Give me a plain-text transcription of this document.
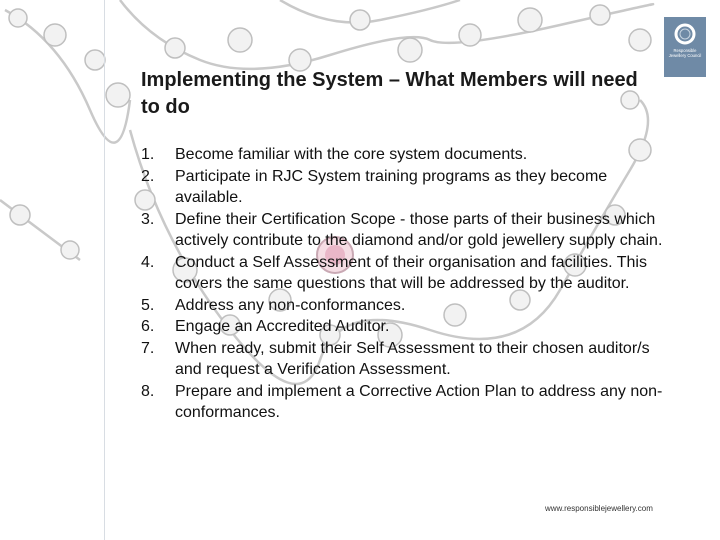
Responsible Jewellery Council
Implementing the System – What Members will need to do
1.	Become familiar with the core system documents.
2.	Participate in RJC System training programs as they become available.
3.	Define their Certification Scope - those parts of their business which actively contribute to the diamond and/or gold jewellery supply chain.
4.	Conduct a Self Assessment of their organisation and facilities. This covers the same questions that will be addressed by the auditor.
5.	Address any non-conformances.
6.	Engage an Accredited Auditor.
7.	When ready, submit their Self Assessment to their chosen auditor/s and request a Verification Assessment.
8.	Prepare and implement a Corrective Action Plan to address any non-conformances.
www.responsiblejewellery.com
